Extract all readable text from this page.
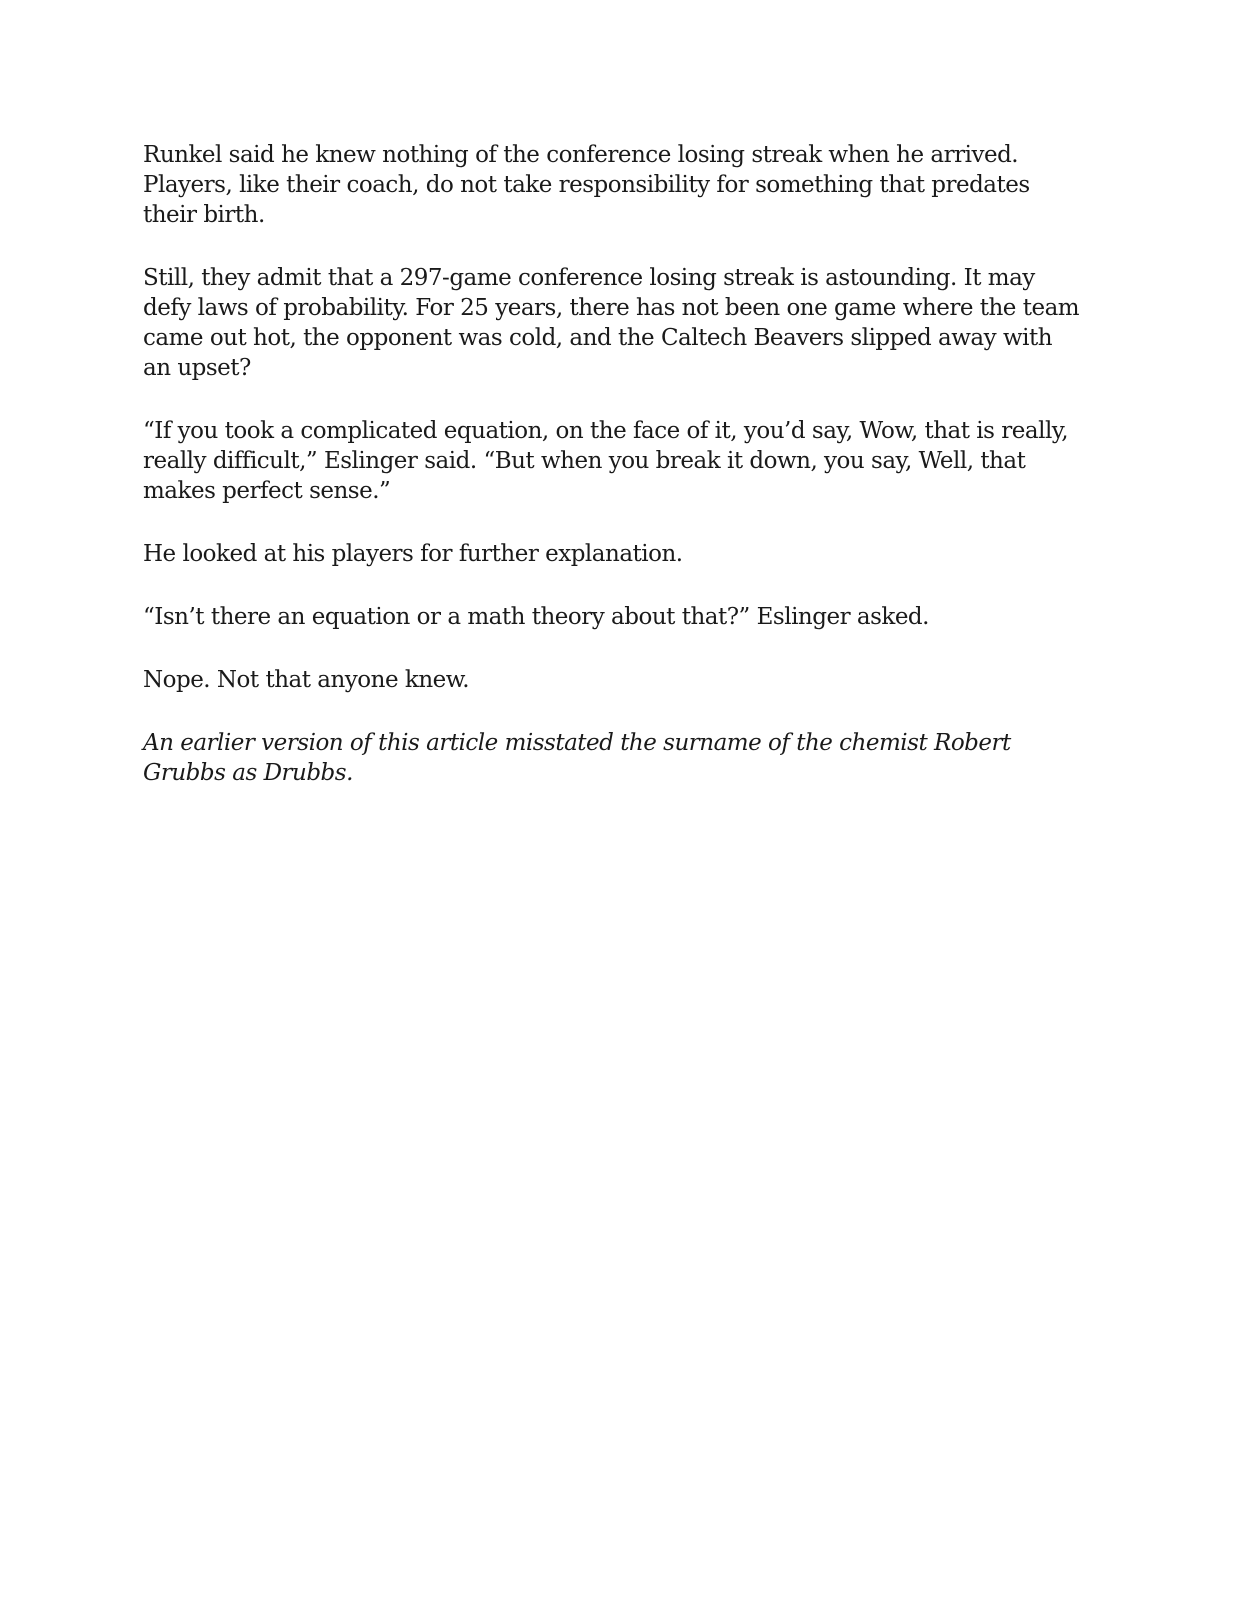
Runkel said he knew nothing of the conference losing streak when he arrived. Players, like their coach, do not take responsibility for something that predates their birth.

Still, they admit that a 297-game conference losing streak is astounding. It may defy laws of probability. For 25 years, there has not been one game where the team came out hot, the opponent was cold, and the Caltech Beavers slipped away with an upset?

“If you took a complicated equation, on the face of it, you’d say, Wow, that is really, really difficult,” Eslinger said. “But when you break it down, you say, Well, that makes perfect sense.”

He looked at his players for further explanation.

“Isn’t there an equation or a math theory about that?” Eslinger asked.

Nope. Not that anyone knew.

An earlier version of this article misstated the surname of the chemist Robert Grubbs as Drubbs.
